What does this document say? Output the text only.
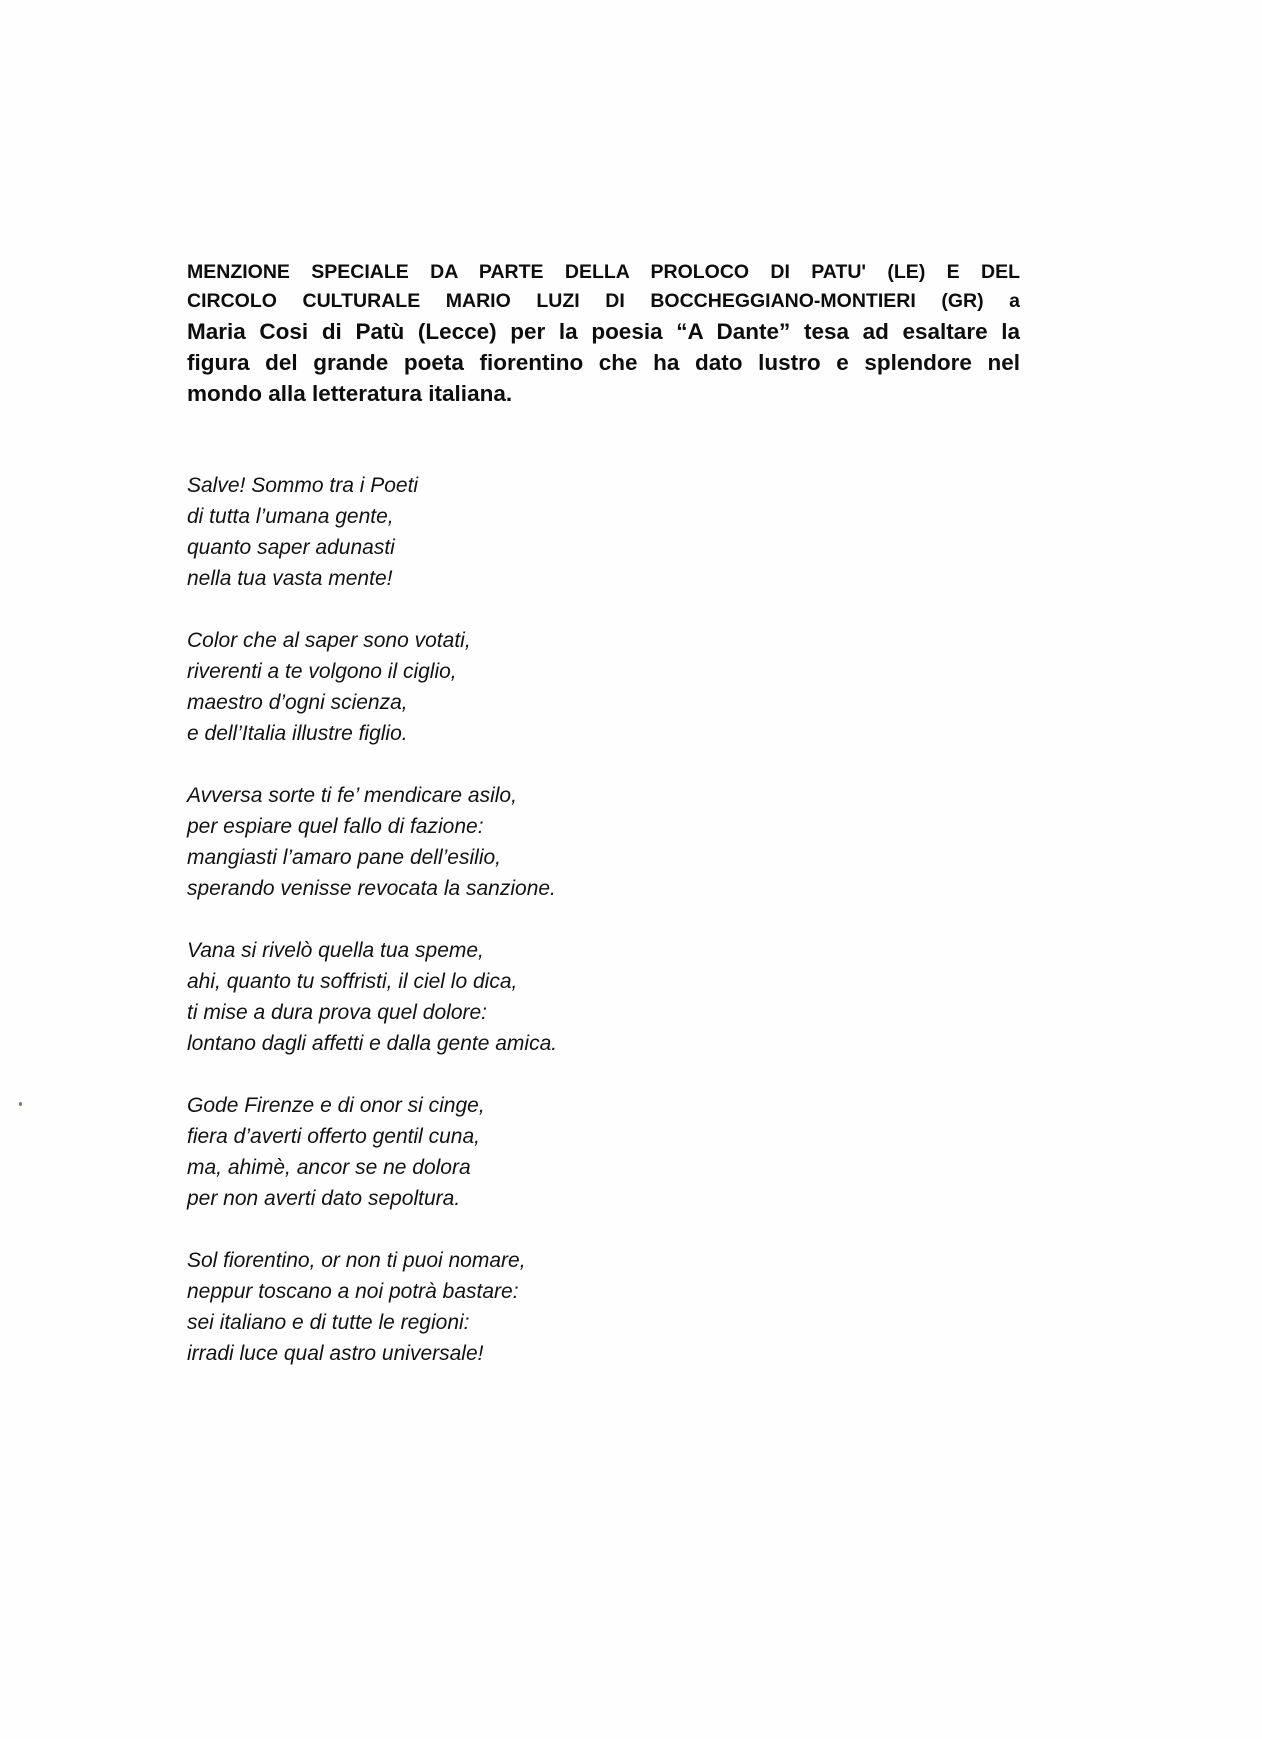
MENZIONE SPECIALE DA PARTE DELLA PROLOCO DI PATU' (LE) E DEL
CIRCOLO CULTURALE MARIO LUZI DI BOCCHEGGIANO-MONTIERI (GR) a
Maria Cosi di Patù (Lecce) per la poesia “A Dante” tesa ad esaltare la
figura del grande poeta fiorentino che ha dato lustro e splendore nel
mondo alla letteratura italiana.
Salve! Sommo tra i Poeti
di tutta l’umana gente,
quanto saper adunasti
nella tua vasta mente!
Color che al saper sono votati,
riverenti a te volgono il ciglio,
maestro d’ogni scienza,
e dell’Italia illustre figlio.
Avversa sorte ti fe’ mendicare asilo,
per espiare quel fallo di fazione:
mangiasti l’amaro pane dell’esilio,
sperando venisse revocata la sanzione.
Vana si rivelò quella tua speme,
ahi, quanto tu soffristi, il ciel lo dica,
ti mise a dura prova quel dolore:
lontano dagli affetti e dalla gente amica.
Gode Firenze e di onor si cinge,
fiera d’averti offerto gentil cuna,
ma, ahimè, ancor se ne dolora
per non averti dato sepoltura.
Sol fiorentino, or non ti puoi nomare,
neppur toscano a noi potrà bastare:
sei italiano e di tutte le regioni:
irradi luce qual astro universale!
